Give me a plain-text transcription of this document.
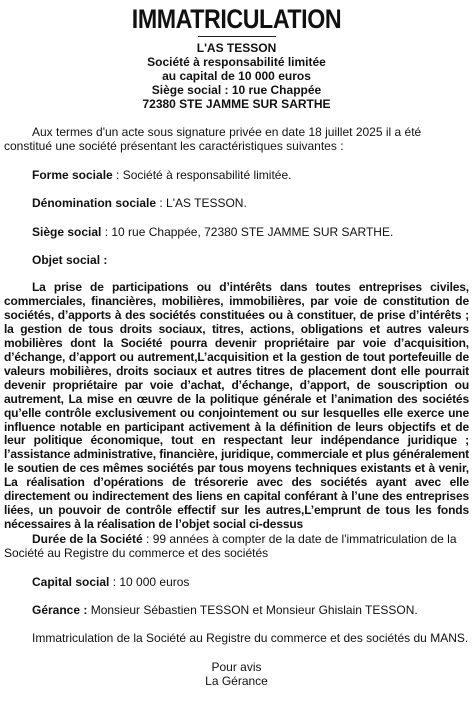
IMMATRICULATION
L'AS TESSON
Société à responsabilité limitée
au capital de 10 000 euros
Siège social : 10 rue Chappée
72380 STE JAMME SUR SARTHE

Aux termes d'un acte sous signature privée en date 18 juillet 2025 il a été constitué une société présentant les caractéristiques suivantes :

Forme sociale : Société à responsabilité limitée.

Dénomination sociale : L'AS TESSON.

Siège social : 10 rue Chappée, 72380 STE JAMME SUR SARTHE.

Objet social :

La prise de participations ou d’intérêts dans toutes entreprises civiles, commerciales, financières, mobilières, immobilières, par voie de constitution de sociétés, d’apports à des sociétés constituées ou à constituer, de prise d’intérêts ; la gestion de tous droits sociaux, titres, actions, obligations et autres valeurs mobilières dont la Société pourra devenir propriétaire par voie d’acquisition, d’échange, d’apport ou autrement,L’acquisition et la gestion de tout portefeuille de valeurs mobilières, droits sociaux et autres titres de placement dont elle pourrait devenir propriétaire par voie d’achat, d’échange, d’apport, de souscription ou autrement, La mise en œuvre de la politique générale et l’animation des sociétés qu’elle contrôle exclusivement ou conjointement ou sur lesquelles elle exerce une influence notable en participant activement à la définition de leurs objectifs et de leur politique économique, tout en respectant leur indépendance juridique ; l’assistance administrative, financière, juridique, commerciale et plus généralement le soutien de ces mêmes sociétés par tous moyens techniques existants et à venir, La réalisation d’opérations de trésorerie avec des sociétés ayant avec elle directement ou indirectement des liens en capital conférant à l’une des entreprises liées, un pouvoir de contrôle effectif sur les autres,L’emprunt de tous les fonds nécessaires à la réalisation de l’objet social ci-dessus

Durée de la Société : 99 années à compter de la date de l'immatriculation de la Société au Registre du commerce et des sociétés

Capital social : 10 000 euros

Gérance : Monsieur Sébastien TESSON et Monsieur Ghislain TESSON.

Immatriculation de la Société au Registre du commerce et des sociétés du MANS.

Pour avis
La Gérance
